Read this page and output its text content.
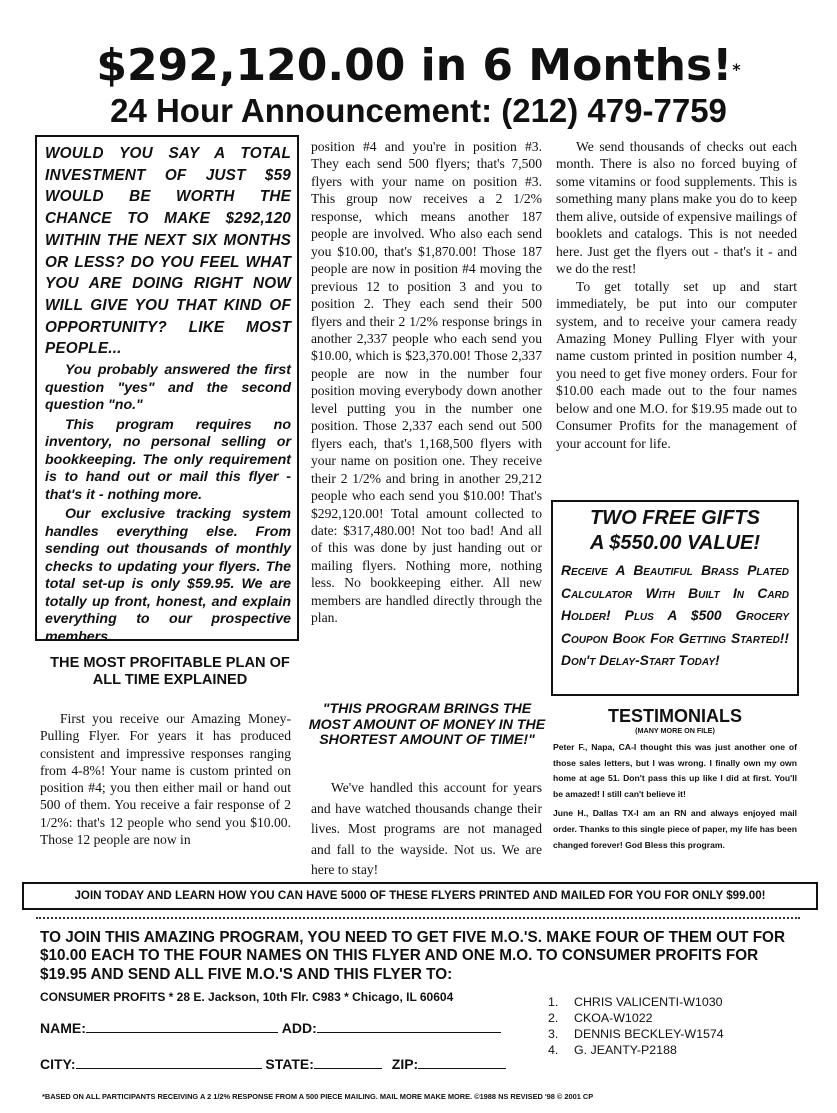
$292,120.00 in 6 Months!*
24 Hour Announcement: (212) 479-7759

WOULD YOU SAY A TOTAL INVESTMENT OF JUST $59 WOULD BE WORTH THE CHANCE TO MAKE $292,120 WITHIN THE NEXT SIX MONTHS OR LESS? DO YOU FEEL WHAT YOU ARE DOING RIGHT NOW WILL GIVE YOU THAT KIND OF OPPORTUNITY? LIKE MOST PEOPLE...

You probably answered the first question "yes" and the second question "no."

This program requires no inventory, no personal selling or bookkeeping. The only requirement is to hand out or mail this flyer - that's it - nothing more.

Our exclusive tracking system handles everything else. From sending out thousands of monthly checks to updating your flyers. The total set-up is only $59.95. We are totally up front, honest, and explain everything to our prospective members.

THE MOST PROFITABLE PLAN OF ALL TIME EXPLAINED

First you receive our Amazing Money-Pulling Flyer. For years it has produced consistent and impressive responses ranging from 4-8%! Your name is custom printed on position #4; you then either mail or hand out 500 of them. You receive a fair response of 2 1/2%: that's 12 people who send you $10.00. Those 12 people are now in

position #4 and you're in position #3. They each send 500 flyers; that's 7,500 flyers with your name on position #3. This group now receives a 2 1/2% response, which means another 187 people are involved. Who also each send you $10.00, that's $1,870.00! Those 187 people are now in position #4 moving the previous 12 to position 3 and you to position 2. They each send their 500 flyers and their 2 1/2% response brings in another 2,337 people who each send you $10.00, which is $23,370.00! Those 2,337 people are now in the number four position moving everybody down another level putting you in the number one position. Those 2,337 each send out 500 flyers each, that's 1,168,500 flyers with your name on position one. They receive their 2 1/2% and bring in another 29,212 people who each send you $10.00! That's $292,120.00! Total amount collected to date: $317,480.00! Not too bad! And all of this was done by just handing out or mailing flyers. Nothing more, nothing less. No bookkeeping either. All new members are handled directly through the plan.

"THIS PROGRAM BRINGS THE MOST AMOUNT OF MONEY IN THE SHORTEST AMOUNT OF TIME!"

We've handled this account for years and have watched thousands change their lives. Most programs are not managed and fall to the wayside. Not us. We are here to stay!

We send thousands of checks out each month. There is also no forced buying of some vitamins or food supplements. This is something many plans make you do to keep them alive, outside of expensive mailings of booklets and catalogs. This is not needed here. Just get the flyers out - that's it - and we do the rest!

To get totally set up and start immediately, be put into our computer system, and to receive your camera ready Amazing Money Pulling Flyer with your name custom printed in position number 4, you need to get five money orders. Four for $10.00 each made out to the four names below and one M.O. for $19.95 made out to Consumer Profits for the management of your account for life.

TWO FREE GIFTS
A $550.00 VALUE!

Receive A Beautiful Brass Plated Calculator With Built In Card Holder! Plus A $500 Grocery Coupon Book For Getting Started!! Don't Delay-Start Today!

TESTIMONIALS
(MANY MORE ON FILE)

Peter F., Napa, CA-I thought this was just another one of those sales letters, but I was wrong. I finally own my own home at age 51. Don't pass this up like I did at first. You'll be amazed! I still can't believe it!

June H., Dallas TX-I am an RN and always enjoyed mail order. Thanks to this single piece of paper, my life has been changed forever! God Bless this program.

JOIN TODAY AND LEARN HOW YOU CAN HAVE 5000 OF THESE FLYERS PRINTED AND MAILED FOR YOU FOR ONLY $99.00!
TO JOIN THIS AMAZING PROGRAM, YOU NEED TO GET FIVE M.O.'S. MAKE FOUR OF THEM OUT FOR $10.00 EACH TO THE FOUR NAMES ON THIS FLYER AND ONE M.O. TO CONSUMER PROFITS FOR $19.95 AND SEND ALL FIVE M.O.'S AND THIS FLYER TO:
CONSUMER PROFITS * 28 E. Jackson, 10th Flr. C983 * Chicago, IL 60604	1. CHRIS VALICENTI-W1030
2. CKOA-W1022
3. DENNIS BECKLEY-W1574
4. G. JEANTY-P2188
NAME:	ADD:
CITY:	STATE:	ZIP:
*BASED ON ALL PARTICIPANTS RECEIVING A 2 1/2% RESPONSE FROM A 500 PIECE MAILING. MAIL MORE MAKE MORE. ©1988 NS REVISED '98 © 2001 CP
